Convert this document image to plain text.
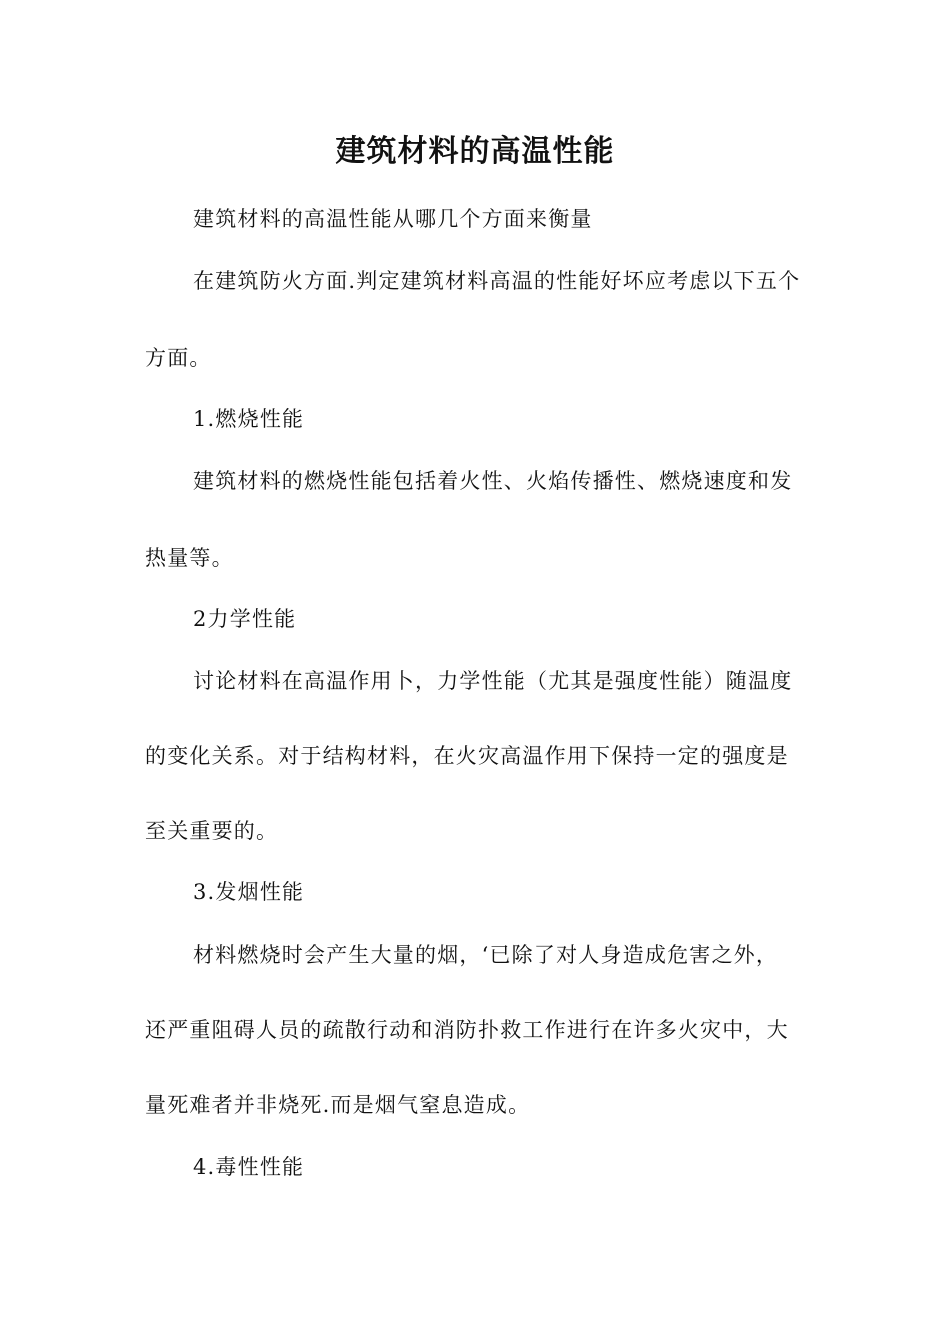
建筑材料的高温性能
建筑材料的高温性能从哪几个方面来衡量
在建筑防火方面.判定建筑材料高温的性能好坏应考虑以下五个
方面。
1.燃烧性能
建筑材料的燃烧性能包括着火性、火焰传播性、燃烧速度和发
热量等。
2力学性能
讨论材料在高温作用卜，力学性能（尤其是强度性能）随温度
的变化关系。对于结构材料，在火灾高温作用下保持一定的强度是
至关重要的。
3.发烟性能
材料燃烧时会产生大量的烟，‘已除了对人身造成危害之外，
还严重阻碍人员的疏散行动和消防扑救工作进行在许多火灾中，大
量死难者并非烧死.而是烟气窒息造成。
4.毒性性能
